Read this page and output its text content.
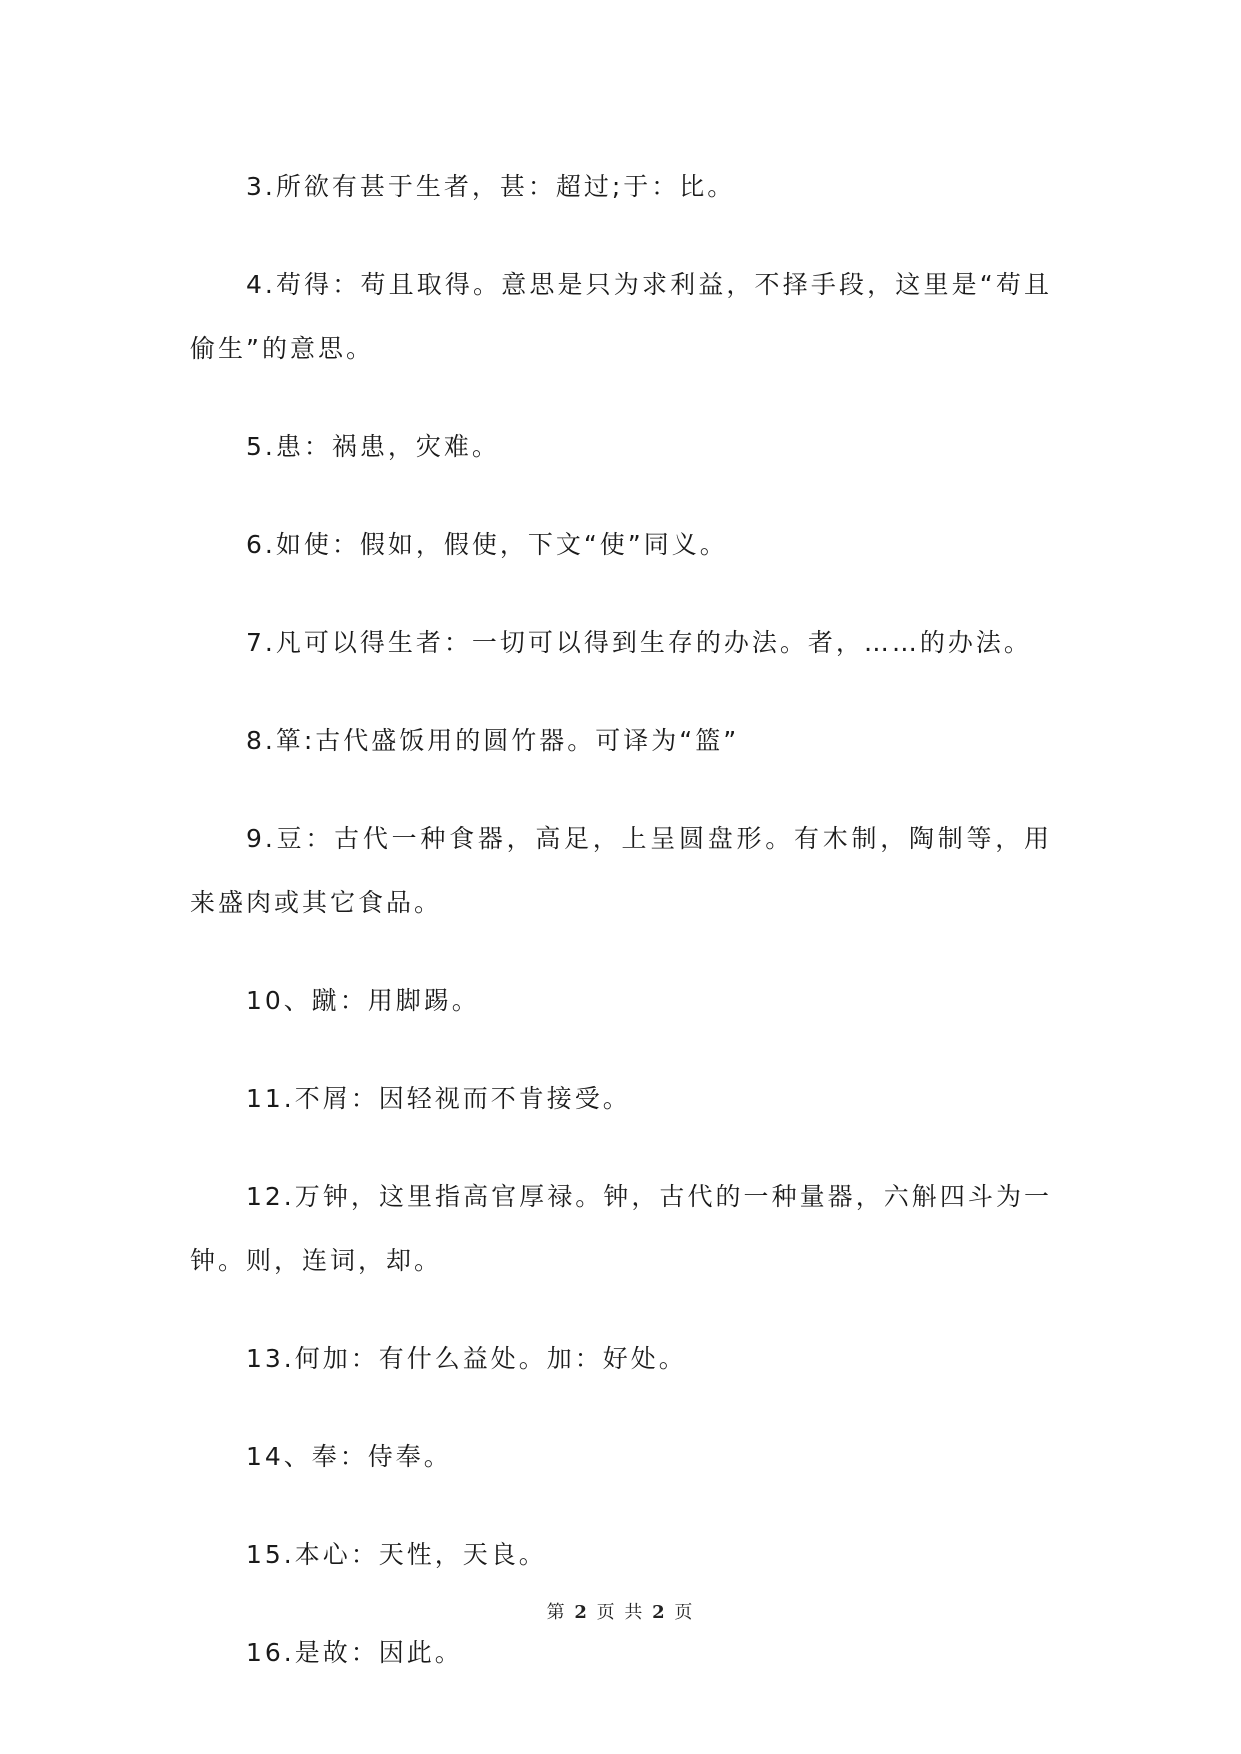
3.所欲有甚于生者，甚：超过;于：比。

4.苟得：苟且取得。意思是只为求利益，不择手段，这里是“苟且偷生”的意思。

5.患：祸患，灾难。

6.如使：假如，假使，下文“使”同义。

7.凡可以得生者：一切可以得到生存的办法。者，……的办法。

8.箪:古代盛饭用的圆竹器。可译为“篮”

9.豆：古代一种食器，高足，上呈圆盘形。有木制，陶制等，用来盛肉或其它食品。

10、蹴：用脚踢。

11.不屑：因轻视而不肯接受。

12.万钟，这里指高官厚禄。钟，古代的一种量器，六斛四斗为一钟。则，连词，却。

13.何加：有什么益处。加：好处。

14、奉：侍奉。

15.本心：天性，天良。

16.是故：因此。

第 2 页 共 2 页
